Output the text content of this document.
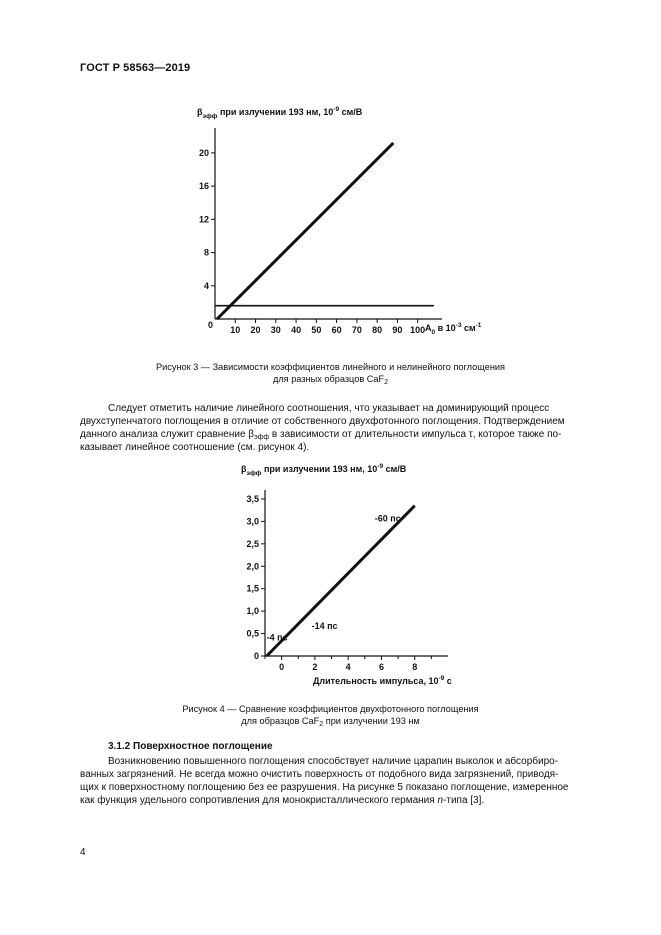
ГОСТ Р 58563—2019
$\beta_{эфф}$ при излучении 193 нм, $10^{-9}$ см/В
10 20 30 40 50 60 70 80 90 100
4
8
12
16
20
0	$A_0$ в $10^{-3}$ $см^{-1}$
Рисунок 3 — Зависимости коэффициентов линейного и нелинейного поглощения
для разных образцов CaF$_2$
Следует отметить наличие линейного соотношения, что указывает на доминирующий процесс
двухступенчатого поглощения в отличие от собственного двухфотонного поглощения. Подтверждением
данного анализа служит сравнение $\beta_{эфф}$ в зависимости от длительности импульса τ, которое также по-
казывает линейное соотношение (см. рисунок 4).
$\beta_{эфф}$ при излучении 193 нм, $10^{-9}$ см/В
0	2	4	6	8
0
0,5
1,0
1,5
2,0
2,5
3,0
3,5
-4 пс
-14 пс
-60 пс
Длительность импульса, $10^{-9}$ с
Рисунок 4 — Сравнение коэффициентов двухфотонного поглощения
для образцов CaF$_2$ при излучении 193 нм
3.1.2 Поверхностное поглощение
Возникновению повышенного поглощения способствует наличие царапин выколок и абсорбиро-
ванных загрязнений. Не всегда можно очистить поверхность от подобного вида загрязнений, приводя-
щих к поверхностному поглощению без ее разрушения. На рисунке 5 показано поглощение, измеренное
как функция удельного сопротивления для монокристаллического германия n-типа [3].
4
